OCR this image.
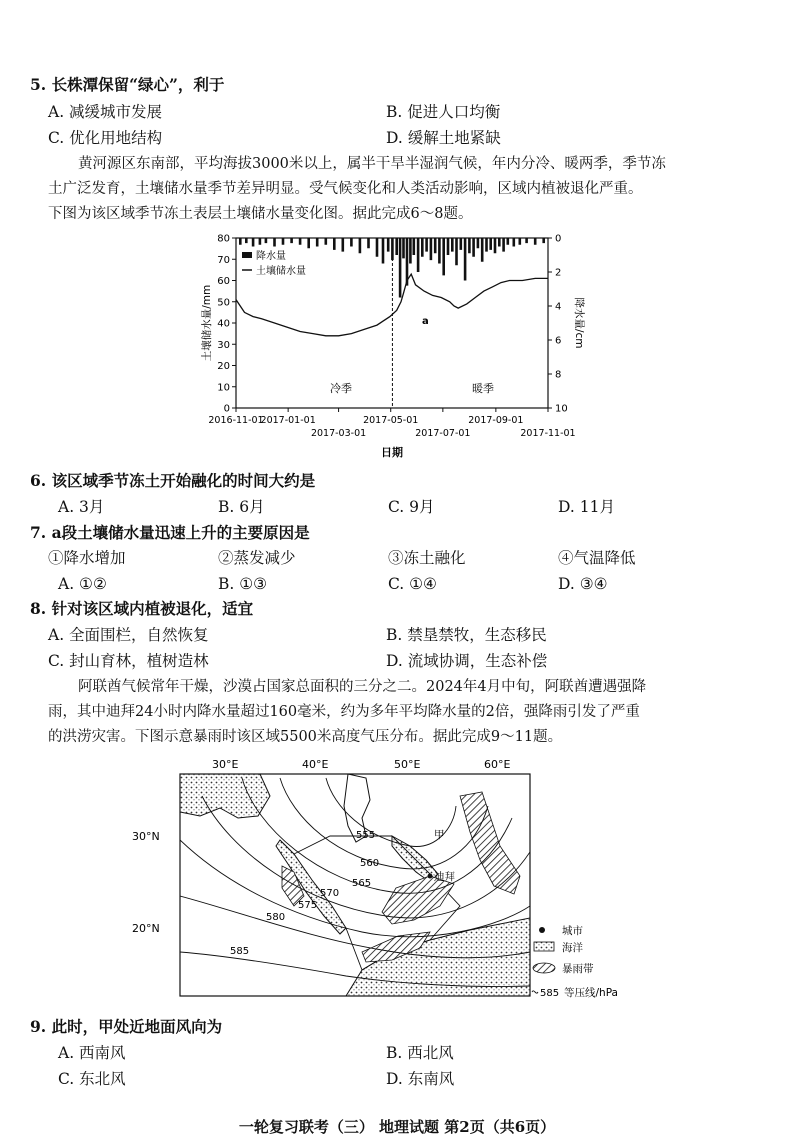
5. 长株潭保留“绿心”，利于
A. 减缓城市发展	B. 促进人口均衡
C. 优化用地结构	D. 缓解土地紧缺

黄河源区东南部，平均海拔3000米以上，属半干旱半湿润气候，年内分冷、暖两季，季节冻

土广泛发育，土壤储水量季节差异明显。受气候变化和人类活动影响，区域内植被退化严重。

下图为该区域季节冻土表层土壤储水量变化图。据此完成6～8题。

0
10
20
30
40
50
60
70
80	0
2
4
6
8
10
2016-11-01
2017-01-01	2017-05-01	2017-09-01
2017-03-01	2017-07-01	2017-11-01
降水量
土壤储水量
冷季	暖季
a
土壤储水量/mm	降水量/cm
日期
6. 该区域季节冻土开始融化的时间大约是
A. 3月	B. 6月	C. 9月	D. 11月
7. a段土壤储水量迅速上升的主要原因是
①降水增加	②蒸发减少	③冻土融化	④气温降低
A. ①②	B. ①③	C. ①④	D. ③④
8. 针对该区域内植被退化，适宜
A. 全面围栏，自然恢复	B. 禁垦禁牧，生态移民
C. 封山育林，植树造林	D. 流域协调，生态补偿

阿联酋气候常年干燥，沙漠占国家总面积的三分之二。2024年4月中旬，阿联酋遭遇强降

雨，其中迪拜24小时内降水量超过160毫米，约为多年平均降水量的2倍，强降雨引发了严重

的洪涝灾害。下图示意暴雨时该区域5500米高度气压分布。据此完成9～11题。

30°E	40°E	50°E	60°E
30°N
20°N
555
560
565
570
575
580
585
迪拜
甲
城市
海洋
暴雨带
585 等压线/hPa
9. 此时，甲处近地面风向为
A. 西南风	B. 西北风
C. 东北风	D. 东南风
一轮复习联考（三） 地理试题 第2页（共6页）
